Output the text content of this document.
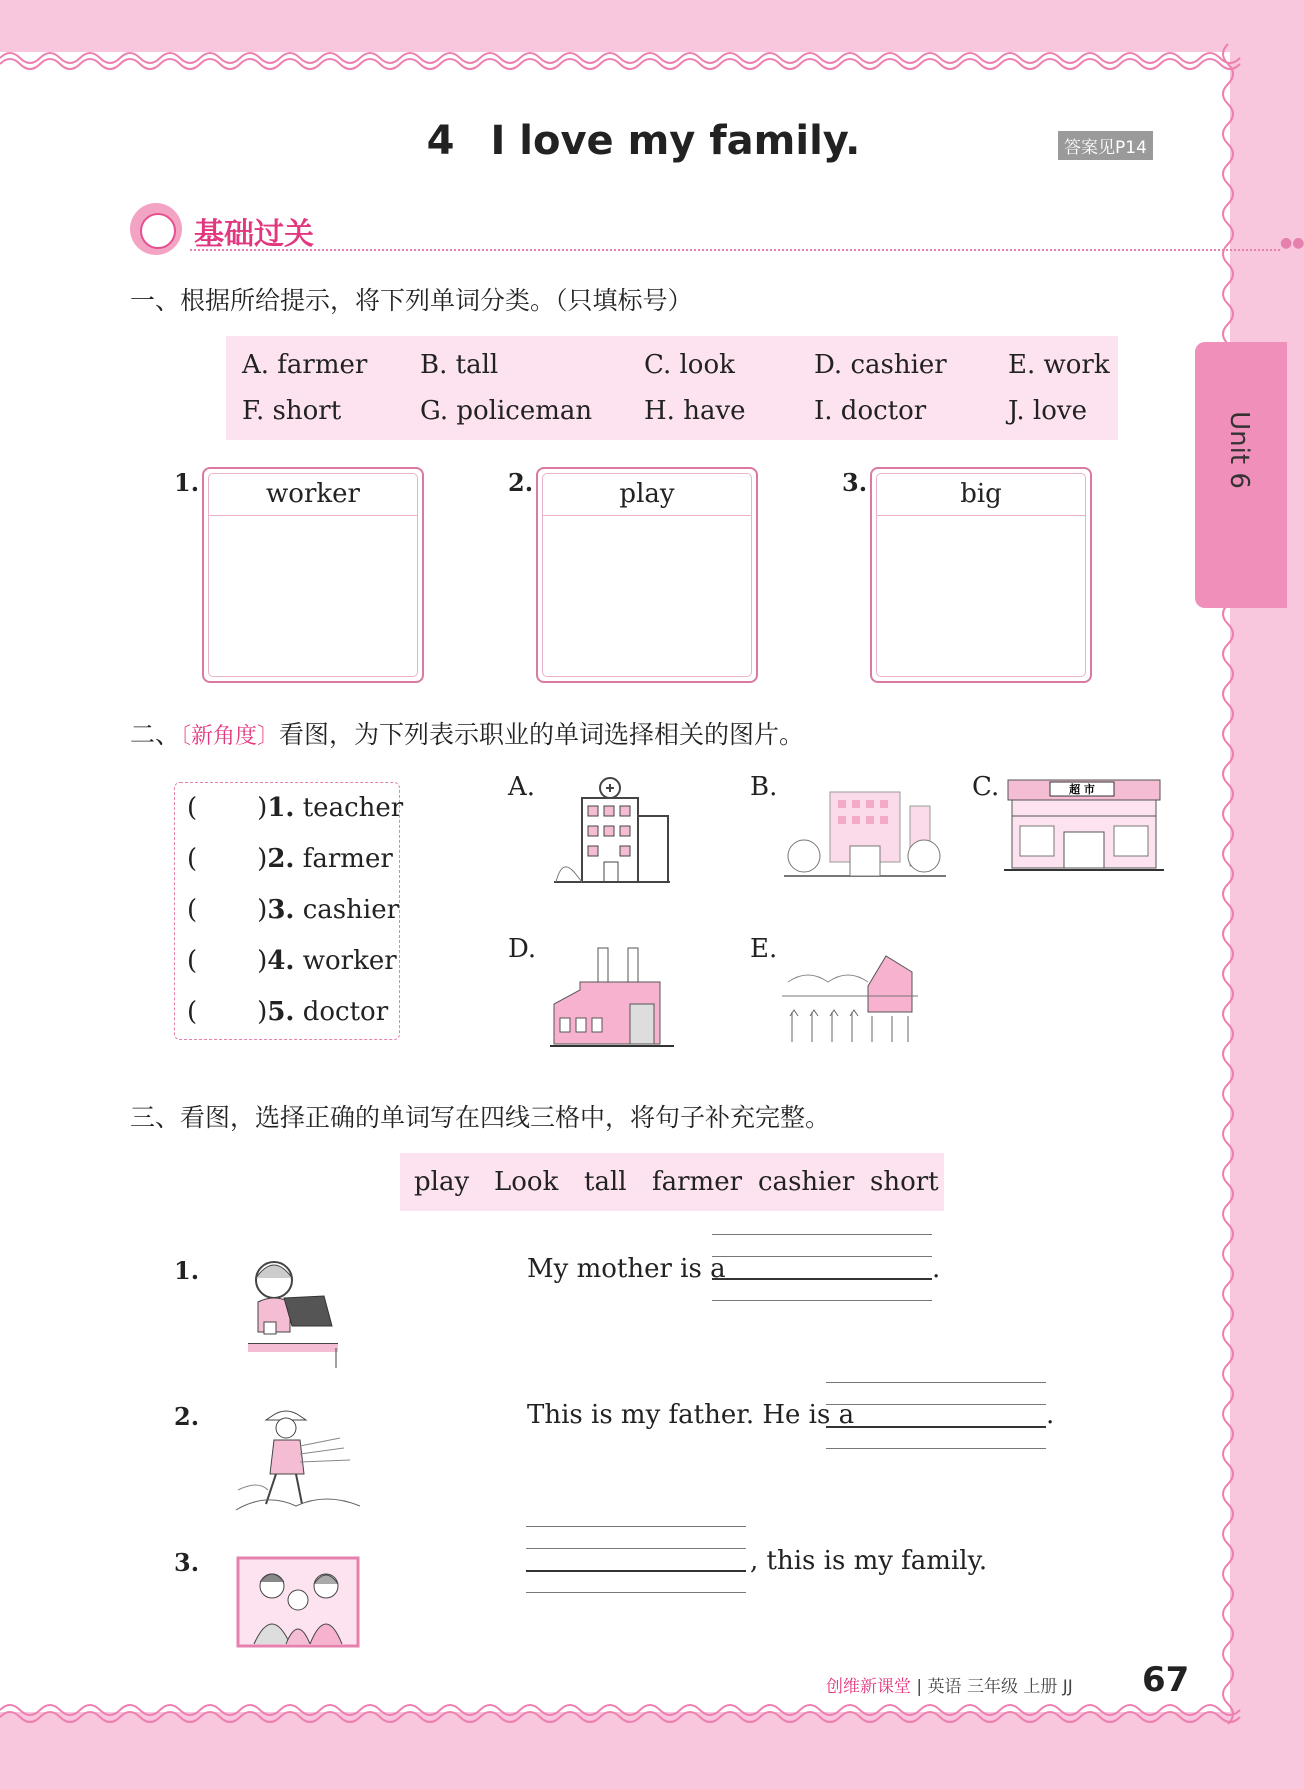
4 I love my family.	答案见P14
Unit 6
基础过关	●●
一、根据所给提示，将下列单词分类。（只填标号）
A. farmer B. tall	C. look	D. cashier E. work
F. short	G. policeman H. have	I. doctor	J. love
1.	worker	2.	play	3.	big
二、〔新角度〕看图，为下列表示职业的单词选择相关的图片。
( )1. teacher
( )2. farmer
( )3. cashier
( )4. worker
( )5. doctor
A.	B.	C.	超 市
D.	E.
三、看图，选择正确的单词写在四线三格中，将句子补充完整。
play Look tall farmer cashier short
1.	My mother is a	.
2.	This is my father. He is a	.
3.	, this is my family.
创维新课堂 | 英语 三年级 上册 JJ 67
